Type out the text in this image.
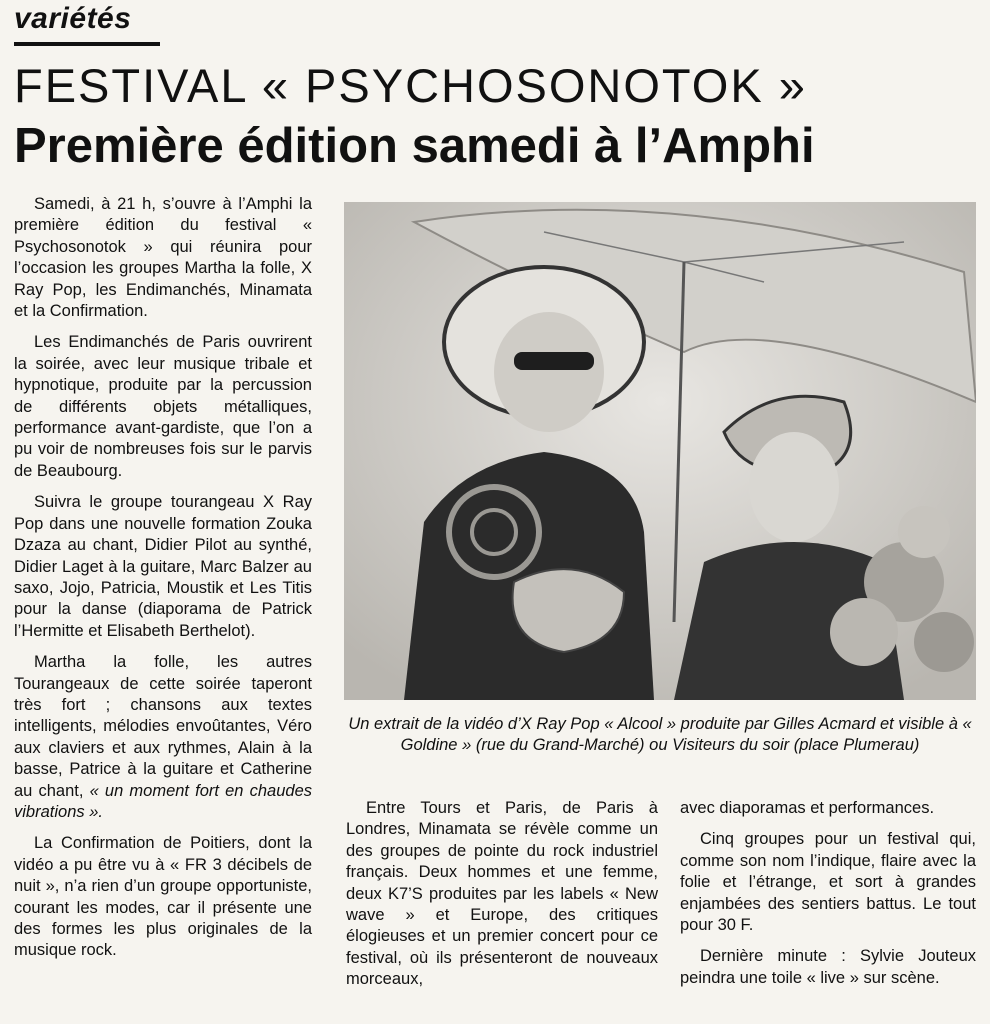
variétés
FESTIVAL « PSYCHOSONOTOK »
Première édition samedi à l’Amphi

Samedi, à 21 h, s’ouvre à l’Amphi la première édition du festival « Psychosonotok » qui réunira pour l’occasion les groupes Martha la folle, X Ray Pop, les Endimanchés, Minamata et la Confirmation.

Les Endimanchés de Paris ouvrirent la soirée, avec leur musique tribale et hypnotique, produite par la percussion de différents objets métalliques, performance avant-gardiste, que l’on a pu voir de nombreuses fois sur le parvis de Beaubourg.

Suivra le groupe tourangeau X Ray Pop dans une nouvelle formation Zouka Dzaza au chant, Didier Pilot au synthé, Didier Laget à la guitare, Marc Balzer au saxo, Jojo, Patricia, Moustik et Les Titis pour la danse (diaporama de Patrick l’Hermitte et Elisabeth Berthelot).

Martha la folle, les autres Tourangeaux de cette soirée taperont très fort ; chansons aux textes intelligents, mélodies envoûtantes, Véro aux claviers et aux rythmes, Alain à la basse, Patrice à la guitare et Catherine au chant, « un moment fort en chaudes vibrations ».

La Confirmation de Poitiers, dont la vidéo a pu être vu à « FR 3 décibels de nuit », n’a rien d’un groupe opportuniste, courant les modes, car il présente une des formes les plus originales de la musique rock.

Un extrait de la vidéo d’X Ray Pop « Alcool » produite par Gilles Acmard et visible à « Goldine » (rue du Grand-Marché) ou Visiteurs du soir (place Plumerau)

Entre Tours et Paris, de Paris à Londres, Minamata se révèle comme un des groupes de pointe du rock industriel français. Deux hommes et une femme, deux K7’S produites par les labels « New wave » et Europe, des critiques élogieuses et un premier concert pour ce festival, où ils présenteront de nouveaux morceaux,

avec diaporamas et performances.

Cinq groupes pour un festival qui, comme son nom l’indique, flaire avec la folie et l’étrange, et sort à grandes enjambées des sentiers battus. Le tout pour 30 F.

Dernière minute : Sylvie Jouteux peindra une toile « live » sur scène.
